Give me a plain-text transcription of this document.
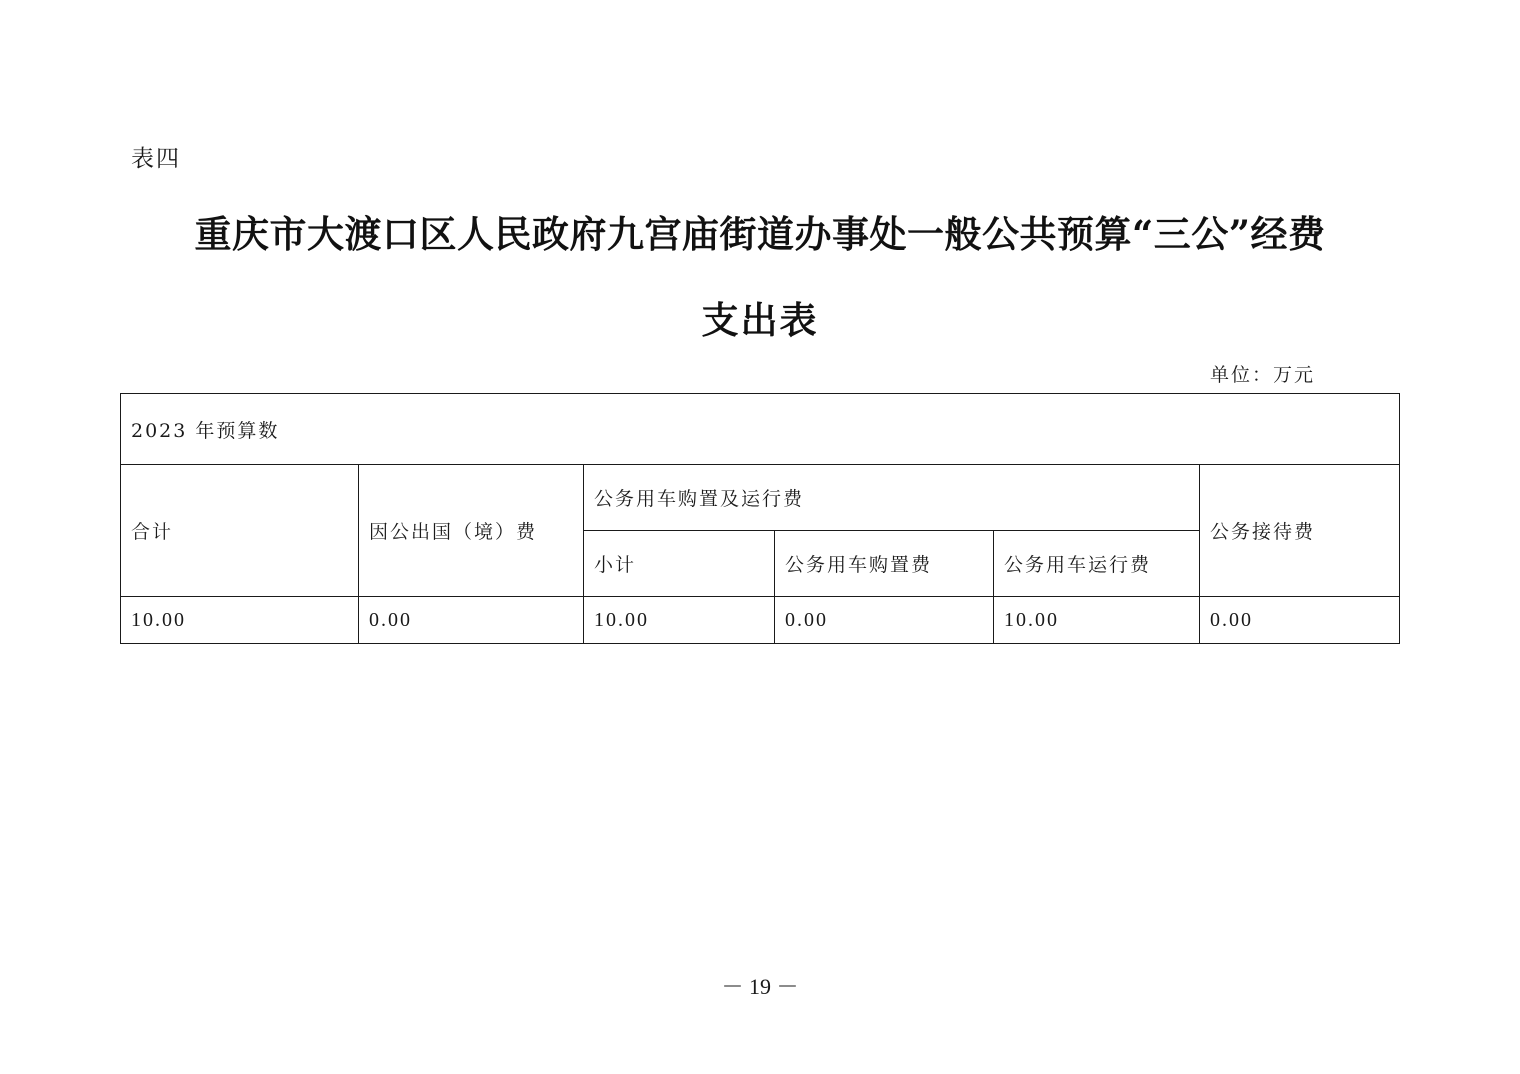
表四
重庆市大渡口区人民政府九宫庙街道办事处一般公共预算“三公”经费
支出表
单位：万元
2023 年预算数					
合计	因公出国（境）费	公务用车购置及运行费			公务接待费
		小计	公务用车购置费	公务用车运行费	
10.00	0.00	10.00	0.00	10.00	0.00
－ 19 －
